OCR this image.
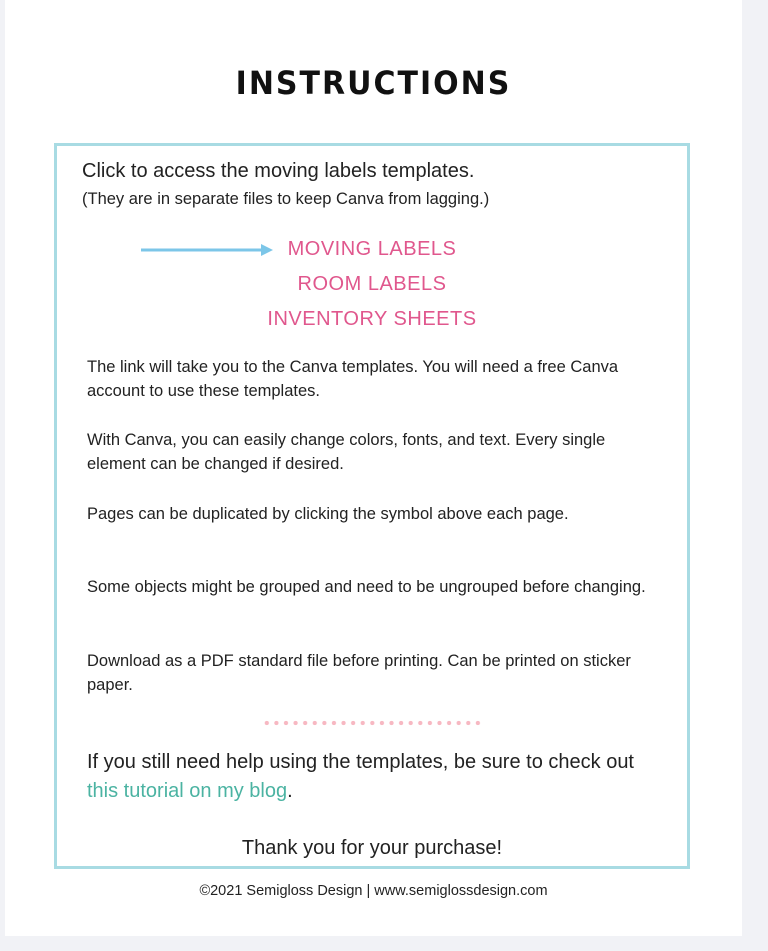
INSTRUCTIONS
Click to access the moving labels templates.
(They are in separate files to keep Canva from lagging.)
MOVING LABELS
ROOM LABELS
INVENTORY SHEETS
The link will take you to the Canva templates. You will need a free Canva account to use these templates.
With Canva, you can easily change colors, fonts, and text. Every single element can be changed if desired.
Pages can be duplicated by clicking the symbol above each page.
Some objects might be grouped and need to be ungrouped before changing.
Download as a PDF standard file before printing. Can be printed on sticker paper.
If you still need help using the templates, be sure to check out this tutorial on my blog.
Thank you for your purchase!
©2021 Semigloss Design | www.semiglossdesign.com
